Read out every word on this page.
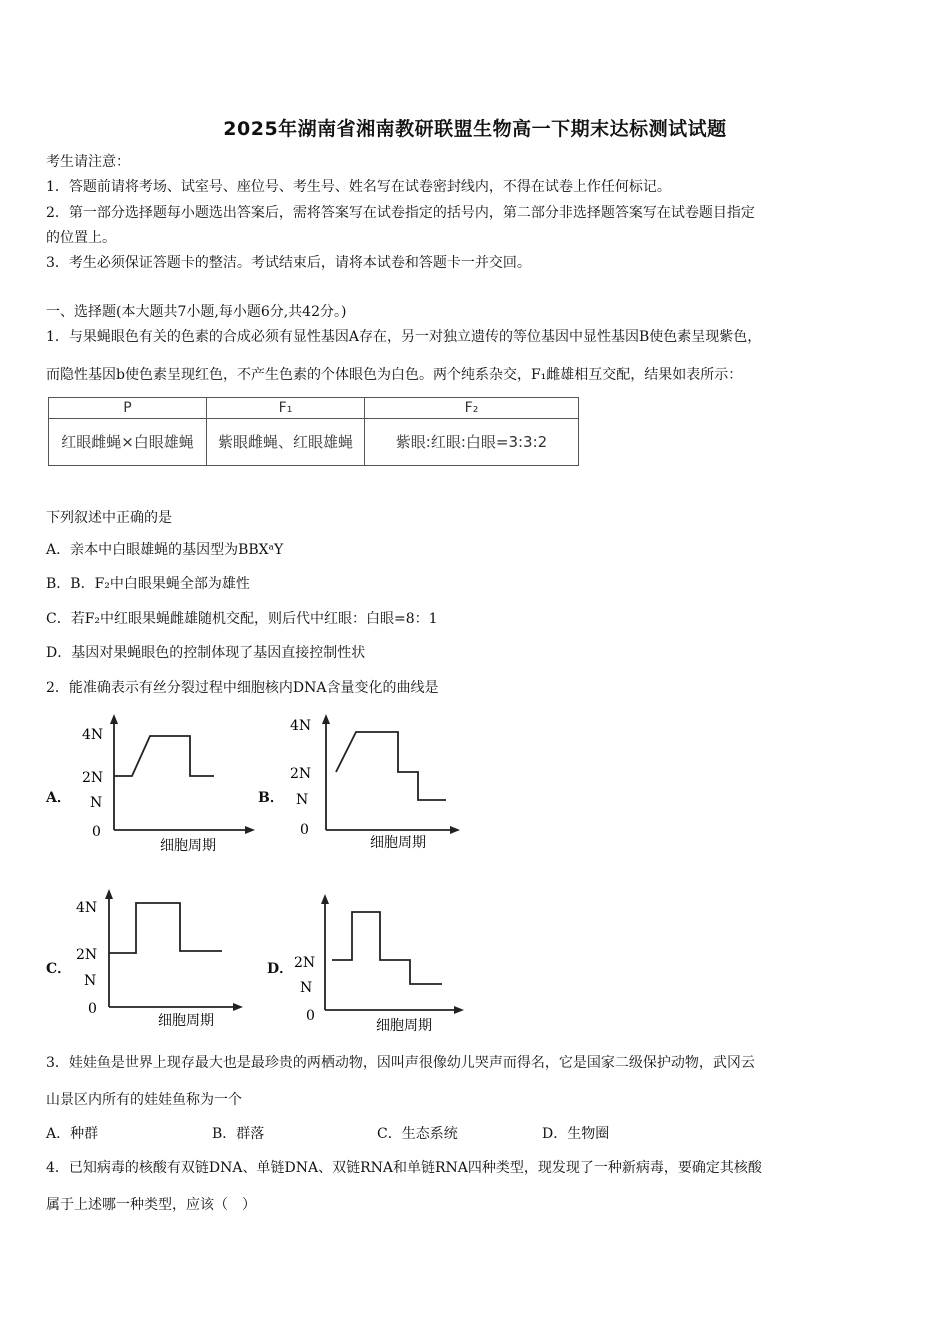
2025年湖南省湘南教研联盟生物高一下期末达标测试试题
考生请注意：
1．答题前请将考场、试室号、座位号、考生号、姓名写在试卷密封线内，不得在试卷上作任何标记。
2．第一部分选择题每小题选出答案后，需将答案写在试卷指定的括号内，第二部分非选择题答案写在试卷题目指定
的位置上。
3．考生必须保证答题卡的整洁。考试结束后，请将本试卷和答题卡一并交回。
一、选择题(本大题共7小题,每小题6分,共42分。)
1．与果蝇眼色有关的色素的合成必须有显性基因A存在，另一对独立遗传的等位基因中显性基因B使色素呈现紫色，
而隐性基因b使色素呈现红色，不产生色素的个体眼色为白色。两个纯系杂交，F₁雌雄相互交配，结果如表所示：
P	F₁	F₂
红眼雌蝇×白眼雄蝇	紫眼雌蝇、红眼雄蝇	紫眼:红眼:白眼=3:3:2
下列叙述中正确的是
A．亲本中白眼雄蝇的基因型为BBXᵃY
B．B．F₂中白眼果蝇全部为雄性
C．若F₂中红眼果蝇雌雄随机交配，则后代中红眼：白眼=8：1
D．基因对果蝇眼色的控制体现了基因直接控制性状
2．能准确表示有丝分裂过程中细胞核内DNA含量变化的曲线是
A．
4N
2N
N
0
细胞周期
B．
4N
2N
N
0
细胞周期
C．
4N
2N
N
0
细胞周期
D． 2N
N
0
细胞周期
3．娃娃鱼是世界上现存最大也是最珍贵的两栖动物，因叫声很像幼儿哭声而得名，它是国家二级保护动物，武冈云
山景区内所有的娃娃鱼称为一个
A．种群	B．群落	C．生态系统	D．生物圈
4．已知病毒的核酸有双链DNA、单链DNA、双链RNA和单链RNA四种类型，现发现了一种新病毒，要确定其核酸
属于上述哪一种类型，应该（　）
